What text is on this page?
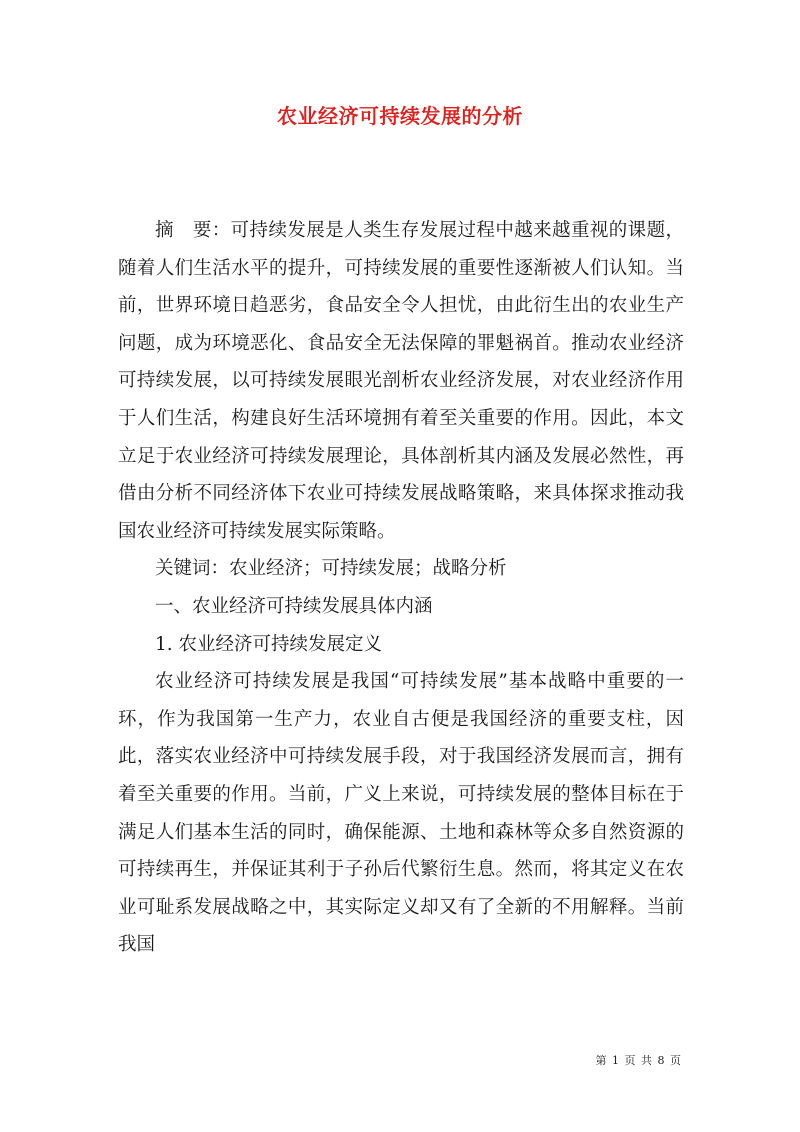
农业经济可持续发展的分析

摘　要：可持续发展是人类生存发展过程中越来越重视的课题，随着人们生活水平的提升，可持续发展的重要性逐渐被人们认知。当前，世界环境日趋恶劣，食品安全令人担忧，由此衍生出的农业生产问题，成为环境恶化、食品安全无法保障的罪魁祸首。推动农业经济可持续发展，以可持续发展眼光剖析农业经济发展，对农业经济作用于人们生活，构建良好生活环境拥有着至关重要的作用。因此，本文立足于农业经济可持续发展理论，具体剖析其内涵及发展必然性，再借由分析不同经济体下农业可持续发展战略策略，来具体探求推动我国农业经济可持续发展实际策略。

关键词：农业经济；可持续发展；战略分析

一、农业经济可持续发展具体内涵

1. 农业经济可持续发展定义

农业经济可持续发展是我国“可持续发展”基本战略中重要的一环，作为我国第一生产力，农业自古便是我国经济的重要支柱，因此，落实农业经济中可持续发展手段，对于我国经济发展而言，拥有着至关重要的作用。当前，广义上来说，可持续发展的整体目标在于满足人们基本生活的同时，确保能源、土地和森林等众多自然资源的可持续再生，并保证其利于子孙后代繁衍生息。然而，将其定义在农业可耻系发展战略之中，其实际定义却又有了全新的不用解释。当前我国

第 1 页 共 8 页
